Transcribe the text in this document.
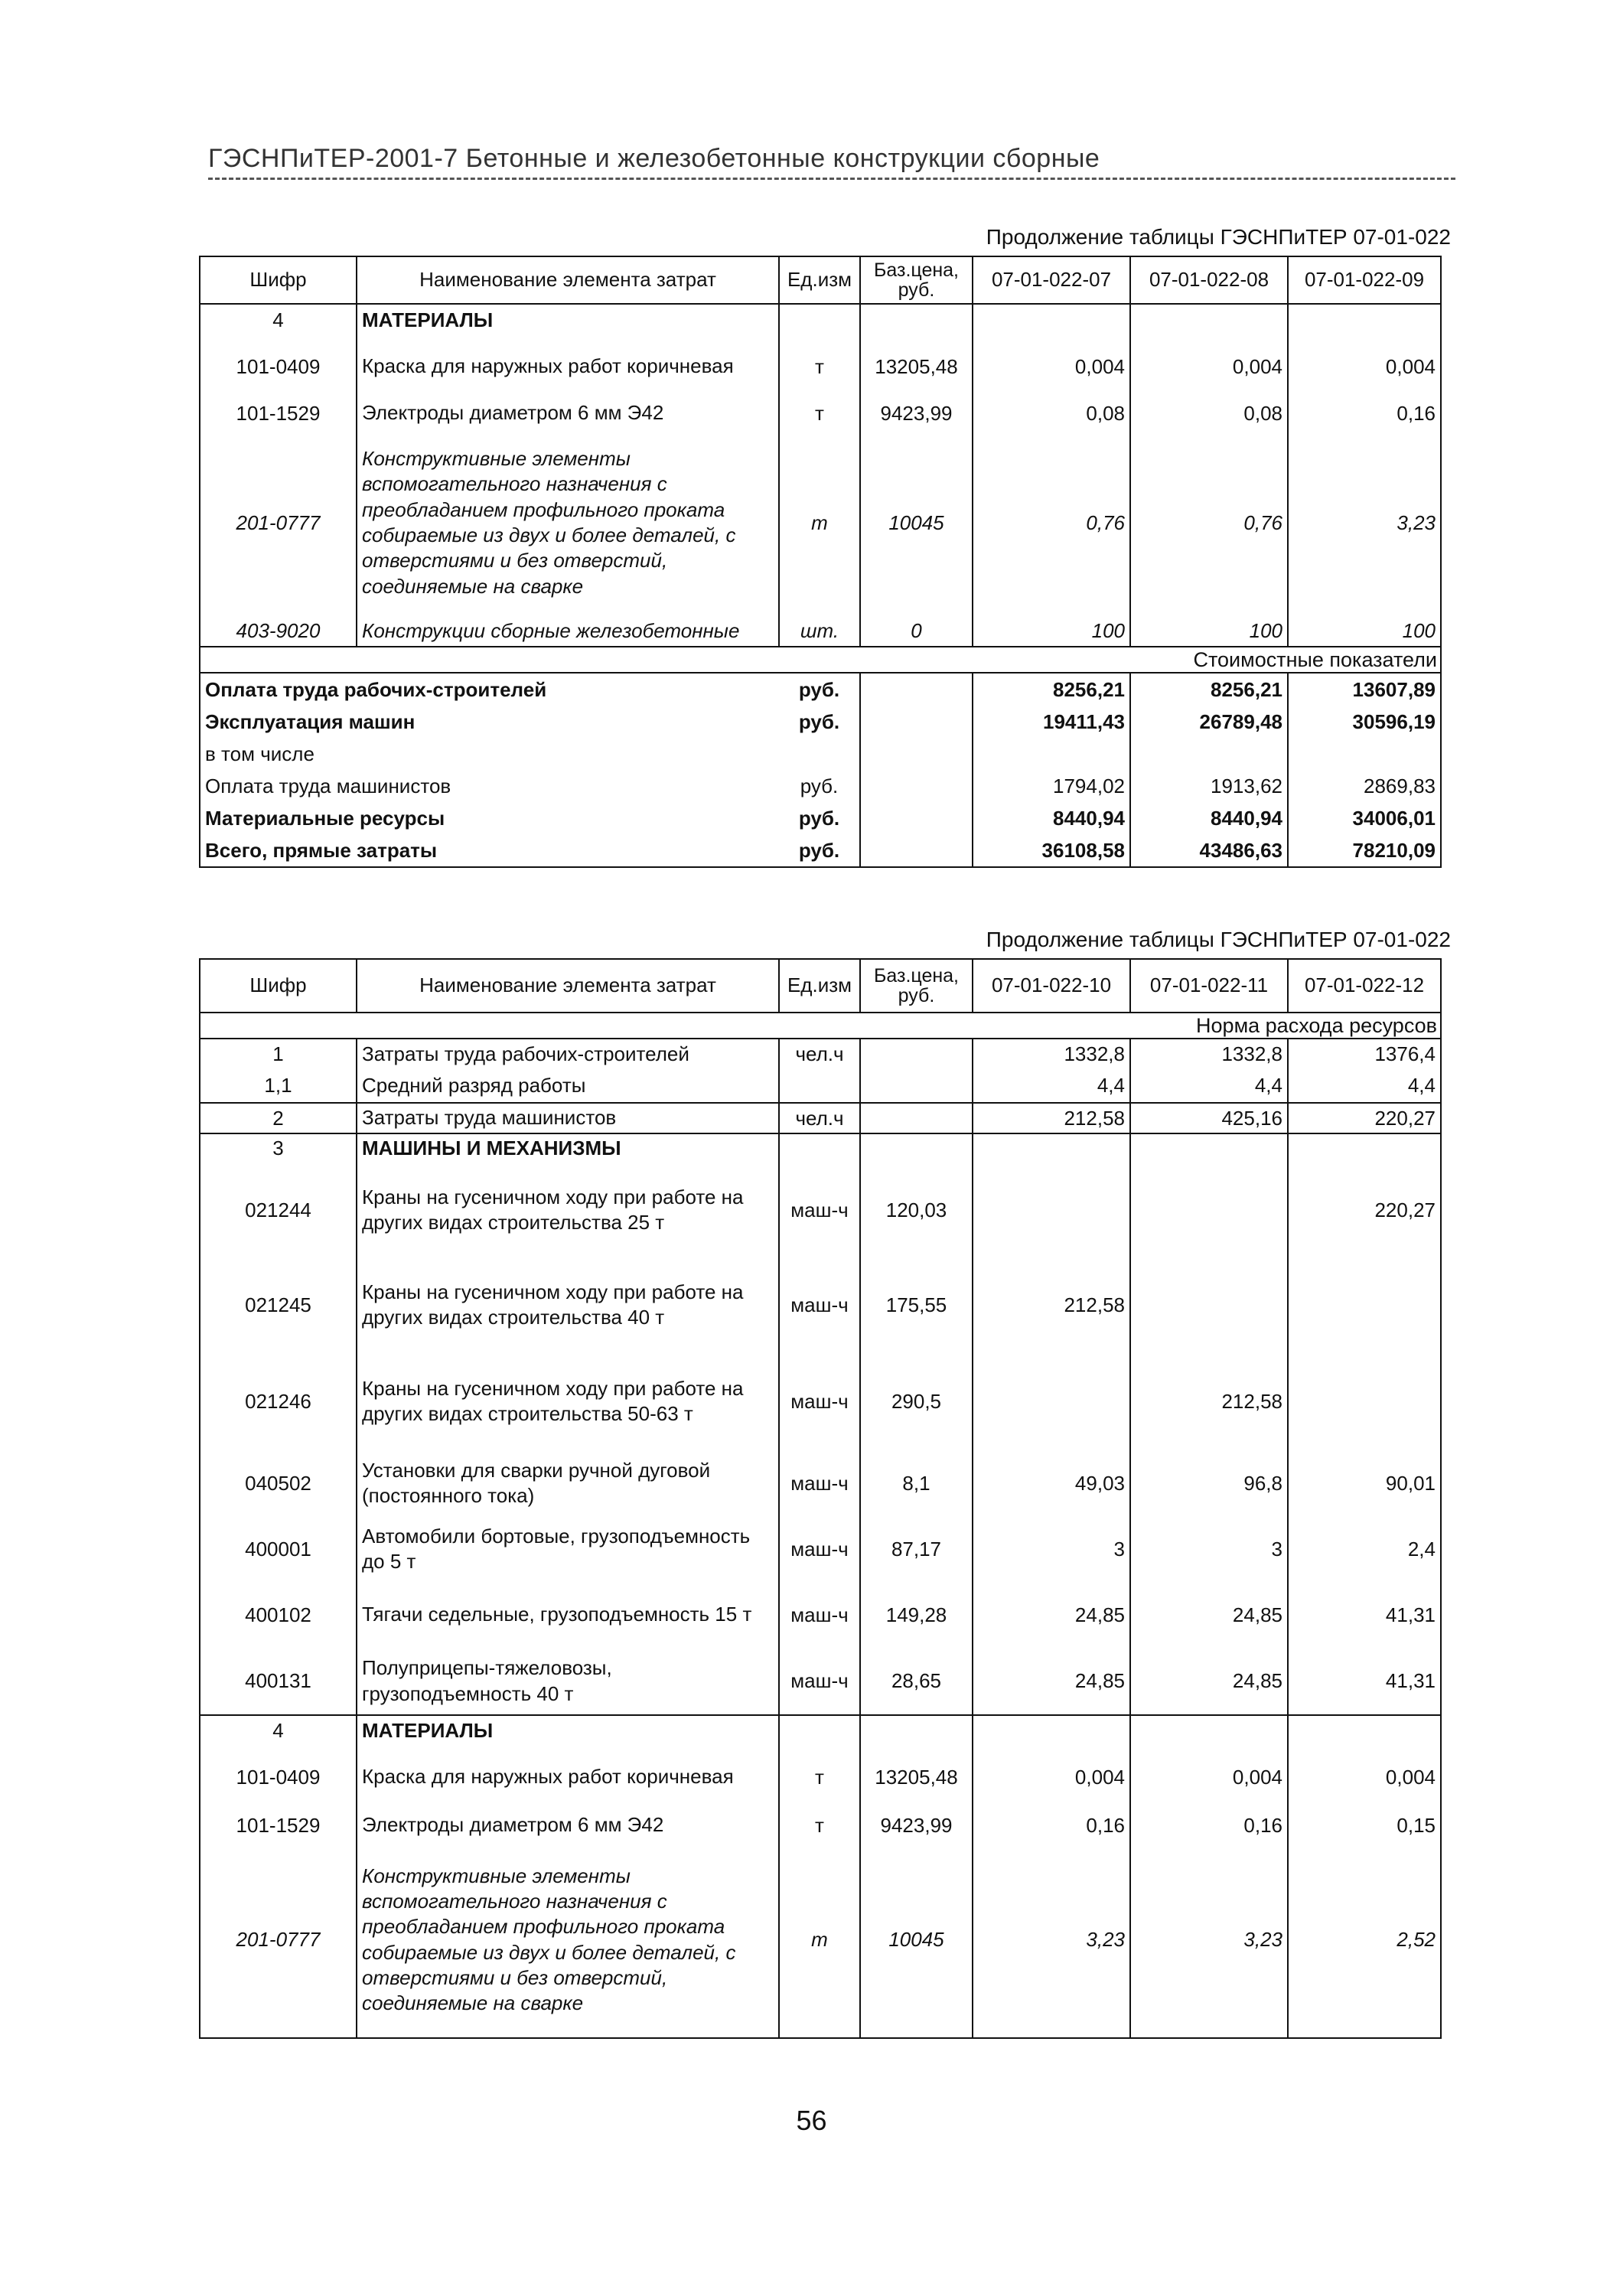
ГЭСНПиТЕР-2001-7 Бетонные и железобетонные конструкции сборные
Продолжение таблицы ГЭСНПиТЕР 07-01-022
Шифр	Наименование элемента затрат	Ед.изм	Баз.цена, руб.	07-01-022-07	07-01-022-08	07-01-022-09
4	МАТЕРИАЛЫ					
101-0409	Краска для наружных работ коричневая	т	13205,48	0,004	0,004	0,004
101-1529	Электроды диаметром 6 мм Э42	т	9423,99	0,08	0,08	0,16
201-0777	Конструктивные элементы вспомогательного назначения с преобладанием профильного проката собираемые из двух и более деталей, с отверстиями и без отверстий, соединяемые на сварке	т	10045	0,76	0,76	3,23
403-9020	Конструкции сборные железобетонные	шт.	0	100	100	100
Стоимостные показатели						
Оплата труда рабочих-строителей		руб.		8256,21	8256,21	13607,89
Эксплуатация машин		руб.		19411,43	26789,48	30596,19
в том числе						
Оплата труда машинистов		руб.		1794,02	1913,62	2869,83
Материальные ресурсы		руб.		8440,94	8440,94	34006,01
Всего, прямые затраты		руб.		36108,58	43486,63	78210,09
Продолжение таблицы ГЭСНПиТЕР 07-01-022
Шифр	Наименование элемента затрат	Ед.изм	Баз.цена, руб.	07-01-022-10	07-01-022-11	07-01-022-12
Норма расхода ресурсов						
1	Затраты труда рабочих-строителей	чел.ч		1332,8	1332,8	1376,4
1,1	Средний разряд работы			4,4	4,4	4,4
2	Затраты труда машинистов	чел.ч		212,58	425,16	220,27
3	МАШИНЫ И МЕХАНИЗМЫ					
021244	Краны на гусеничном ходу при работе на других видах строительства 25 т	маш-ч	120,03			220,27
021245	Краны на гусеничном ходу при работе на других видах строительства 40 т	маш-ч	175,55	212,58		
021246	Краны на гусеничном ходу при работе на других видах строительства 50-63 т	маш-ч	290,5		212,58	
040502	Установки для сварки ручной дуговой (постоянного тока)	маш-ч	8,1	49,03	96,8	90,01
400001	Автомобили бортовые, грузоподъемность до 5 т	маш-ч	87,17	3	3	2,4
400102	Тягачи седельные, грузоподъемность 15 т	маш-ч	149,28	24,85	24,85	41,31
400131	Полуприцепы-тяжеловозы, грузоподъемность 40 т	маш-ч	28,65	24,85	24,85	41,31
4	МАТЕРИАЛЫ					
101-0409	Краска для наружных работ коричневая	т	13205,48	0,004	0,004	0,004
101-1529	Электроды диаметром 6 мм Э42	т	9423,99	0,16	0,16	0,15
201-0777	Конструктивные элементы вспомогательного назначения с преобладанием профильного проката собираемые из двух и более деталей, с отверстиями и без отверстий, соединяемые на сварке	т	10045	3,23	3,23	2,52
56
